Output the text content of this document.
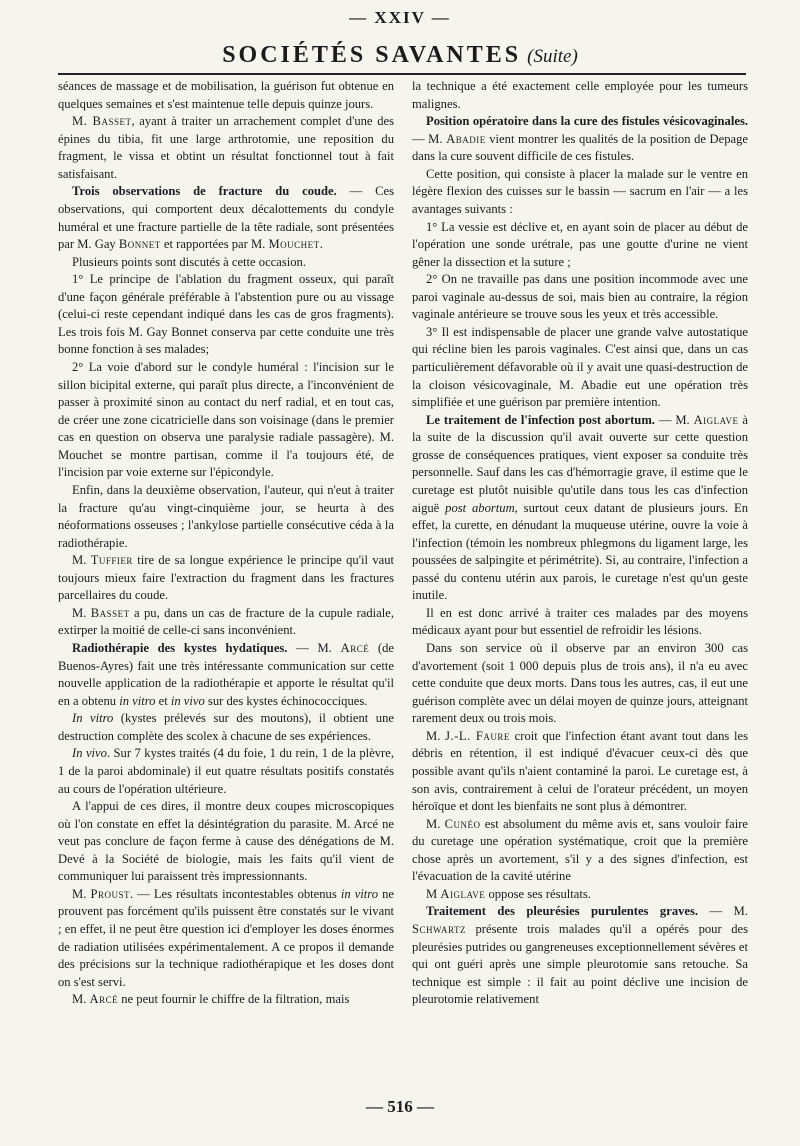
— XXIV —
SOCIÉTÉS SAVANTES (Suite)

séances de massage et de mobilisation, la guérison fut obtenue en quelques semaines et s'est maintenue telle depuis quinze jours.

M. Basset, ayant à traiter un arrachement complet d'une des épines du tibia, fit une large arthrotomie, une reposition du fragment, le vissa et obtint un résultat fonctionnel tout à fait satisfaisant.

Trois observations de fracture du coude. — Ces observations, qui comportent deux décalottements du condyle huméral et une fracture partielle de la tête radiale, sont présentées par M. Gay Bonnet et rapportées par M. Mouchet.

Plusieurs points sont discutés à cette occasion.

1° Le principe de l'ablation du fragment osseux, qui paraît d'une façon générale préférable à l'abstention pure ou au vissage (celui-ci reste cependant indiqué dans les cas de gros fragments). Les trois fois M. Gay Bonnet conserva par cette conduite une très bonne fonction à ses malades;

2° La voie d'abord sur le condyle huméral : l'incision sur le sillon bicipital externe, qui paraît plus directe, a l'inconvénient de passer à proximité sinon au contact du nerf radial, et en tout cas, de créer une zone cicatricielle dans son voisinage (dans le premier cas en question on observa une paralysie radiale passagère). M. Mouchet se montre partisan, comme il l'a toujours été, de l'incision par voie externe sur l'épicondyle.

Enfin, dans la deuxième observation, l'auteur, qui n'eut à traiter la fracture qu'au vingt-cinquième jour, se heurta à des néoformations osseuses ; l'ankylose partielle consécutive céda à la radiothérapie.

M. Tuffier tire de sa longue expérience le principe qu'il vaut toujours mieux faire l'extraction du fragment dans les fractures parcellaires du coude.

M. Basset a pu, dans un cas de fracture de la cupule radiale, extirper la moitié de celle-ci sans inconvénient.

Radiothérapie des kystes hydatiques. — M. Arcé (de Buenos-Ayres) fait une très intéressante communication sur cette nouvelle application de la radiothérapie et apporte le résultat qu'il en a obtenu in vitro et in vivo sur des kystes échinococciques.

In vitro (kystes prélevés sur des moutons), il obtient une destruction complète des scolex à chacune de ses expériences.

In vivo. Sur 7 kystes traités (4 du foie, 1 du rein, 1 de la plèvre, 1 de la paroi abdominale) il eut quatre résultats positifs constatés au cours de l'opération ultérieure.

A l'appui de ces dires, il montre deux coupes microscopiques où l'on constate en effet la désintégration du parasite. M. Arcé ne veut pas conclure de façon ferme à cause des dénégations de M. Devé à la Société de biologie, mais les faits qu'il vient de communiquer lui paraissent très impressionnants.

M. Proust. — Les résultats incontestables obtenus in vitro ne prouvent pas forcément qu'ils puissent être constatés sur le vivant ; en effet, il ne peut être question ici d'employer les doses énormes de radiation utilisées expérimentalement. A ce propos il demande des précisions sur la technique radiothérapique et les doses dont on s'est servi.

M. Arcé ne peut fournir le chiffre de la filtration, mais

la technique a été exactement celle employée pour les tumeurs malignes.

Position opératoire dans la cure des fistules vésicovaginales. — M. Abadie vient montrer les qualités de la position de Depage dans la cure souvent difficile de ces fistules.

Cette position, qui consiste à placer la malade sur le ventre en légère flexion des cuisses sur le bassin — sacrum en l'air — a les avantages suivants :

1° La vessie est déclive et, en ayant soin de placer au début de l'opération une sonde urétrale, pas une goutte d'urine ne vient gêner la dissection et la suture ;

2° On ne travaille pas dans une position incommode avec une paroi vaginale au-dessus de soi, mais bien au contraire, la région vaginale antérieure se trouve sous les yeux et très accessible.

3° Il est indispensable de placer une grande valve autostatique qui récline bien les parois vaginales. C'est ainsi que, dans un cas particulièrement défavorable où il y avait une quasi-destruction de la cloison vésicovaginale, M. Abadie eut une opération très simplifiée et une guérison par première intention.

Le traitement de l'infection post abortum. — M. Aiglave à la suite de la discussion qu'il avait ouverte sur cette question grosse de conséquences pratiques, vient exposer sa conduite très personnelle. Sauf dans les cas d'hémorragie grave, il estime que le curetage est plutôt nuisible qu'utile dans tous les cas d'infection aiguë post abortum, surtout ceux datant de plusieurs jours. En effet, la curette, en dénudant la muqueuse utérine, ouvre la voie à l'infection (témoin les nombreux phlegmons du ligament large, les poussées de salpingite et périmétrite). Si, au contraire, l'infection a passé du contenu utérin aux parois, le curetage n'est qu'un geste inutile.

Il en est donc arrivé à traiter ces malades par des moyens médicaux ayant pour but essentiel de refroidir les lésions.

Dans son service où il observe par an environ 300 cas d'avortement (soit 1 000 depuis plus de trois ans), il n'a eu avec cette conduite que deux morts. Dans tous les autres, cas, il eut une guérison complète avec un délai moyen de quinze jours, atteignant rarement deux ou trois mois.

M. J.-L. Faure croit que l'infection étant avant tout dans les débris en rétention, il est indiqué d'évacuer ceux-ci dès que possible avant qu'ils n'aient contaminé la paroi. Le curetage est, à son avis, contrairement à celui de l'orateur précédent, un moyen héroïque et dont les bienfaits ne sont plus à démontrer.

M. Cunéo est absolument du même avis et, sans vouloir faire du curetage une opération systématique, croit que la première chose après un avortement, s'il y a des signes d'infection, est l'évacuation de la cavité utérine

M Aiglave oppose ses résultats.

Traitement des pleurésies purulentes graves. — M. Schwartz présente trois malades qu'il a opérés pour des pleurésies putrides ou gangreneuses exceptionnellement sévères et qui ont guéri après une simple pleurotomie sans retouche. Sa technique est simple : il fait au point déclive une incision de pleurotomie relativement

— 516 —
